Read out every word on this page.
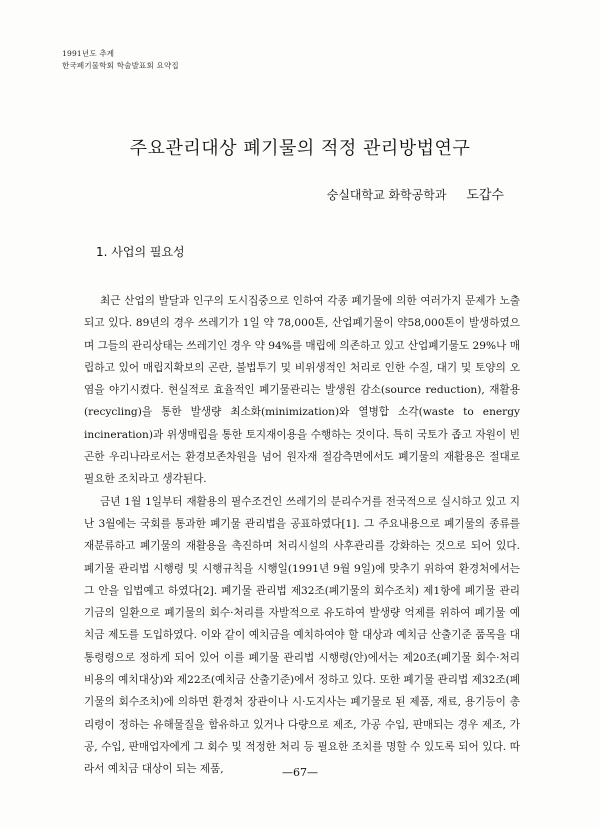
1991년도 추계
한국폐기물학회 학술발표회 요약집
주요관리대상 폐기물의 적정 관리방법연구
숭실대학교 화학공학과 도갑수
1. 사업의 필요성

최근 산업의 발달과 인구의 도시집중으로 인하여 각종 폐기물에 의한 여러가지 문제가 노출되고 있다. 89년의 경우 쓰레기가 1일 약 78,000톤, 산업폐기물이 약58,000톤이 발생하였으며 그들의 관리상태는 쓰레기인 경우 약 94%를 매립에 의존하고 있고 산업폐기물도 29%나 매립하고 있어 매립지확보의 곤란, 불법투기 및 비위생적인 처리로 인한 수질, 대기 및 토양의 오염을 야기시켰다. 현실적로 효율적인 폐기물관리는 발생원 감소(source reduction), 재활용(recycling)을 통한 발생량 최소화(minimization)와 열병합 소각(waste to energy incineration)과 위생매립을 통한 토지재이용을 수행하는 것이다. 특히 국토가 좁고 자원이 빈곤한 우리나라로서는 환경보존차원을 넘어 원자재 절감측면에서도 폐기물의 재활용은 절대로 필요한 조치라고 생각된다.

금년 1월 1일부터 재활용의 필수조건인 쓰레기의 분리수거를 전국적으로 실시하고 있고 지난 3월에는 국회를 통과한 폐기물 관리법을 공표하였다[1]. 그 주요내용으로 폐기물의 종류를 재분류하고 폐기물의 재활용을 촉진하며 처리시설의 사후관리를 강화하는 것으로 되어 있다. 폐기물 관리법 시행령 및 시행규칙을 시행일(1991년 9월 9일)에 맞추기 위하여 환경처에서는 그 안을 입법예고 하였다[2]. 폐기물 관리법 제32조(폐기물의 회수조치) 제1항에 폐기물 관리기금의 일환으로 폐기물의 회수·처리를 자발적으로 유도하여 발생량 억제를 위하여 폐기물 예치금 제도를 도입하였다. 이와 같이 예치금을 예치하여야 할 대상과 예치금 산출기준 품목을 대통령령으로 정하게 되어 있어 이를 폐기물 관리법 시행령(안)에서는 제20조(폐기물 회수·처리비용의 예치대상)와 제22조(예치금 산출기준)에서 정하고 있다. 또한 폐기물 관리법 제32조(폐기물의 회수조치)에 의하면 환경처 장관이나 시·도지사는 폐기물로 된 제품, 재료, 용기등이 총리령이 정하는 유해물질을 함유하고 있거나 다량으로 제조, 가공 수입, 판매되는 경우 제조, 가공, 수입, 판매업자에게 그 회수 및 적정한 처리 등 필요한 조치를 명할 수 있도록 되어 있다. 따라서 예치금 대상이 되는 제품,	—67—
